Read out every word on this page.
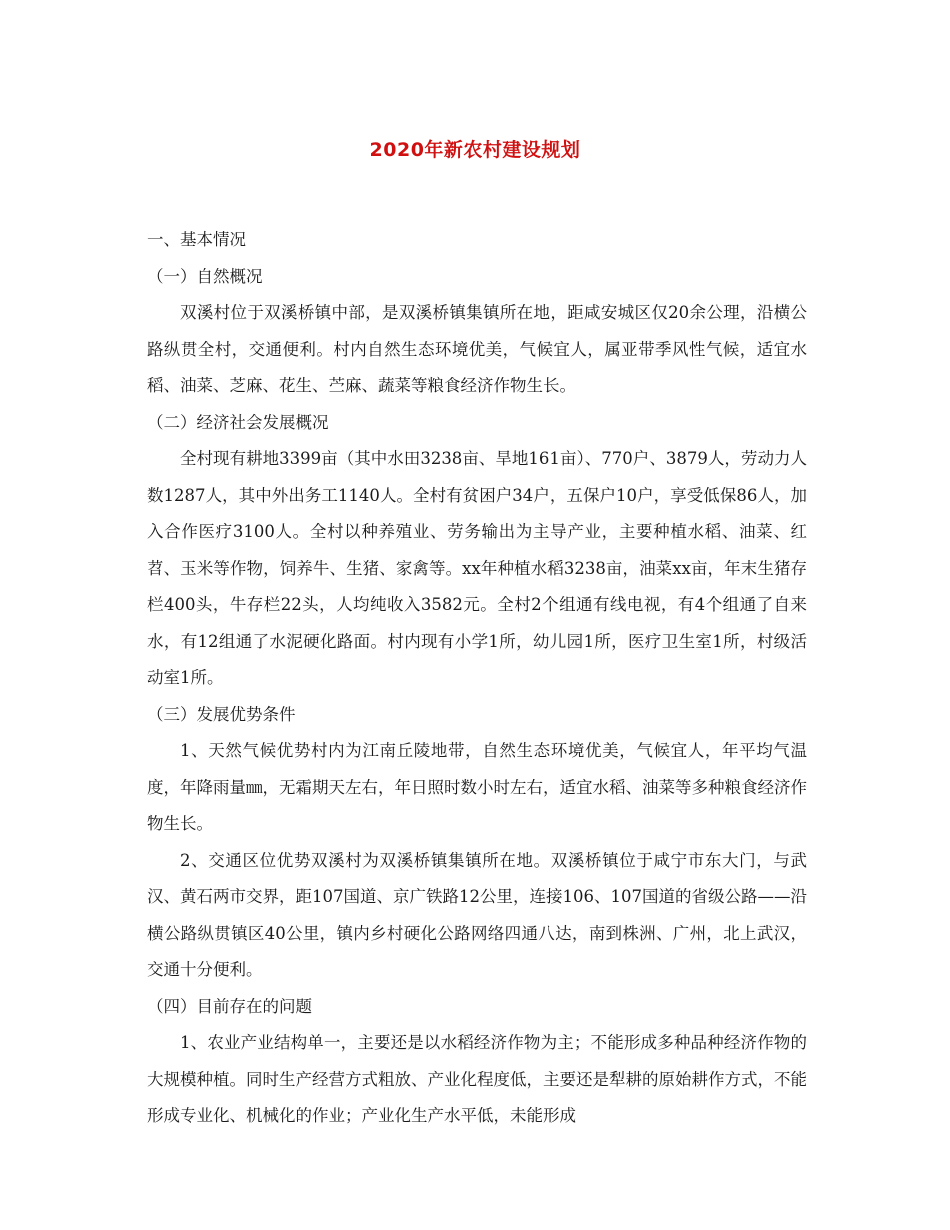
2020年新农村建设规划

一、基本情况

（一）自然概况

双溪村位于双溪桥镇中部，是双溪桥镇集镇所在地，距咸安城区仅20余公理，沿横公路纵贯全村，交通便利。村内自然生态环境优美，气候宜人，属亚带季风性气候，适宜水稻、油菜、芝麻、花生、苎麻、蔬菜等粮食经济作物生长。

（二）经济社会发展概况

全村现有耕地3399亩（其中水田3238亩、旱地161亩）、770户、3879人，劳动力人数1287人，其中外出务工1140人。全村有贫困户34户，五保户10户，享受低保86人，加入合作医疗3100人。全村以种养殖业、劳务输出为主导产业，主要种植水稻、油菜、红苕、玉米等作物，饲养牛、生猪、家禽等。xx年种植水稻3238亩，油菜xx亩，年末生猪存栏400头，牛存栏22头，人均纯收入3582元。全村2个组通有线电视，有4个组通了自来水，有12组通了水泥硬化路面。村内现有小学1所，幼儿园1所，医疗卫生室1所，村级活动室1所。

（三）发展优势条件

1、天然气候优势村内为江南丘陵地带，自然生态环境优美，气候宜人，年平均气温度，年降雨量㎜，无霜期天左右，年日照时数小时左右，适宜水稻、油菜等多种粮食经济作物生长。

2、交通区位优势双溪村为双溪桥镇集镇所在地。双溪桥镇位于咸宁市东大门，与武汉、黄石两市交界，距107国道、京广铁路12公里，连接106、107国道的省级公路——沿横公路纵贯镇区40公里，镇内乡村硬化公路网络四通八达，南到株洲、广州，北上武汉，交通十分便利。

（四）目前存在的问题

1、农业产业结构单一，主要还是以水稻经济作物为主；不能形成多种品种经济作物的大规模种植。同时生产经营方式粗放、产业化程度低，主要还是犁耕的原始耕作方式，不能形成专业化、机械化的作业；产业化生产水平低，未能形成
